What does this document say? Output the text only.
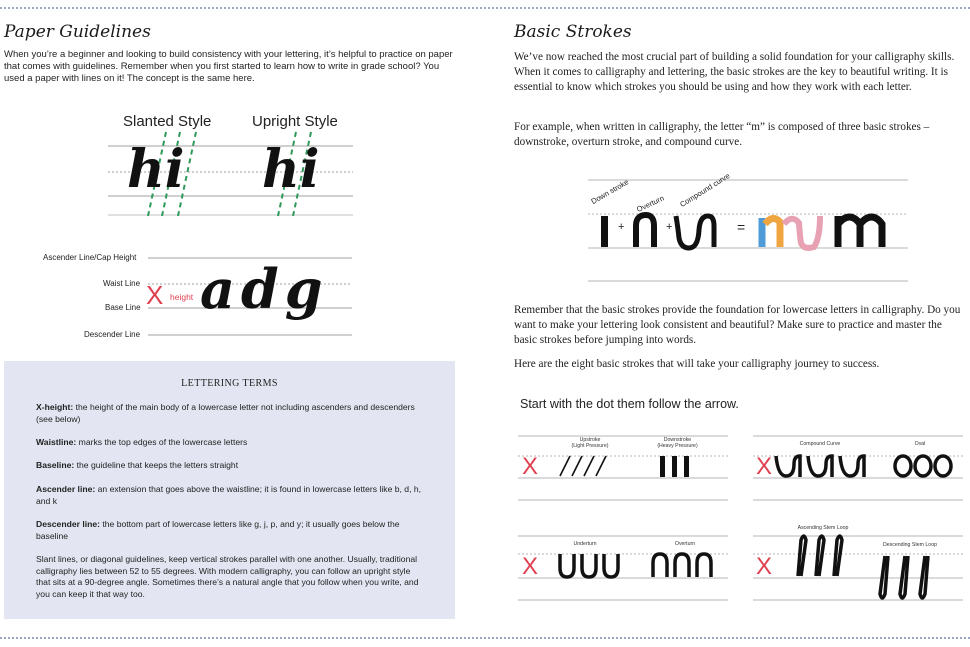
Paper Guidelines
When you’re a beginner and looking to build consistency with your lettering, it’s helpful to practice on paper that comes with guidelines. Remember when you first started to learn how to write in grade school? You used a paper with lines on it! The concept is the same here.
Slanted Style	Upright Style
hi hi
Ascender Line/Cap Height
Waist Line
Base Line
Descender Line
X height adg
LETTERING TERMS
X-height: the height of the main body of a lowercase letter not including ascenders and descenders (see below)
Waistline: marks the top edges of the lowercase letters
Baseline: the guideline that keeps the letters straight
Ascender line: an extension that goes above the waistline; it is found in lowercase letters like b, d, h, and k
Descender line: the bottom part of lowercase letters like g, j, p, and y; it usually goes below the baseline
Slant lines, or diagonal guidelines, keep vertical strokes parallel with one another. Usually, traditional calligraphy lies between 52 to 55 degrees. With modern calligraphy, you can follow an upright style that sits at a 90-degree angle. Sometimes there’s a natural angle that you follow when you write, and you can keep it that way too.
Basic Strokes
We’ve now reached the most crucial part of building a solid foundation for your calligraphy skills. When it comes to calligraphy and lettering, the basic strokes are the key to beautiful writing. It is essential to know which strokes you should be using and how they work with each letter.
For example, when written in calligraphy, the letter “m” is composed of three basic strokes – downstroke, overturn stroke, and compound curve.
+	+	=
Down stroke Overturn Compound curve
Remember that the basic strokes provide the foundation for lowercase letters in calligraphy. Do you want to make your lettering look consistent and beautiful? Make sure to practice and master the basic strokes before jumping into words.
Here are the eight basic strokes that will take your calligraphy journey to success.
Start with the dot them follow the arrow.
X	X
X	X
Upstroke
(Light Pressure)
Downstroke
(Heavy Pressure)	Compound Curve	Oval
Underturn	Overturn
Ascending Stem Loop
Descending Stem Loop
